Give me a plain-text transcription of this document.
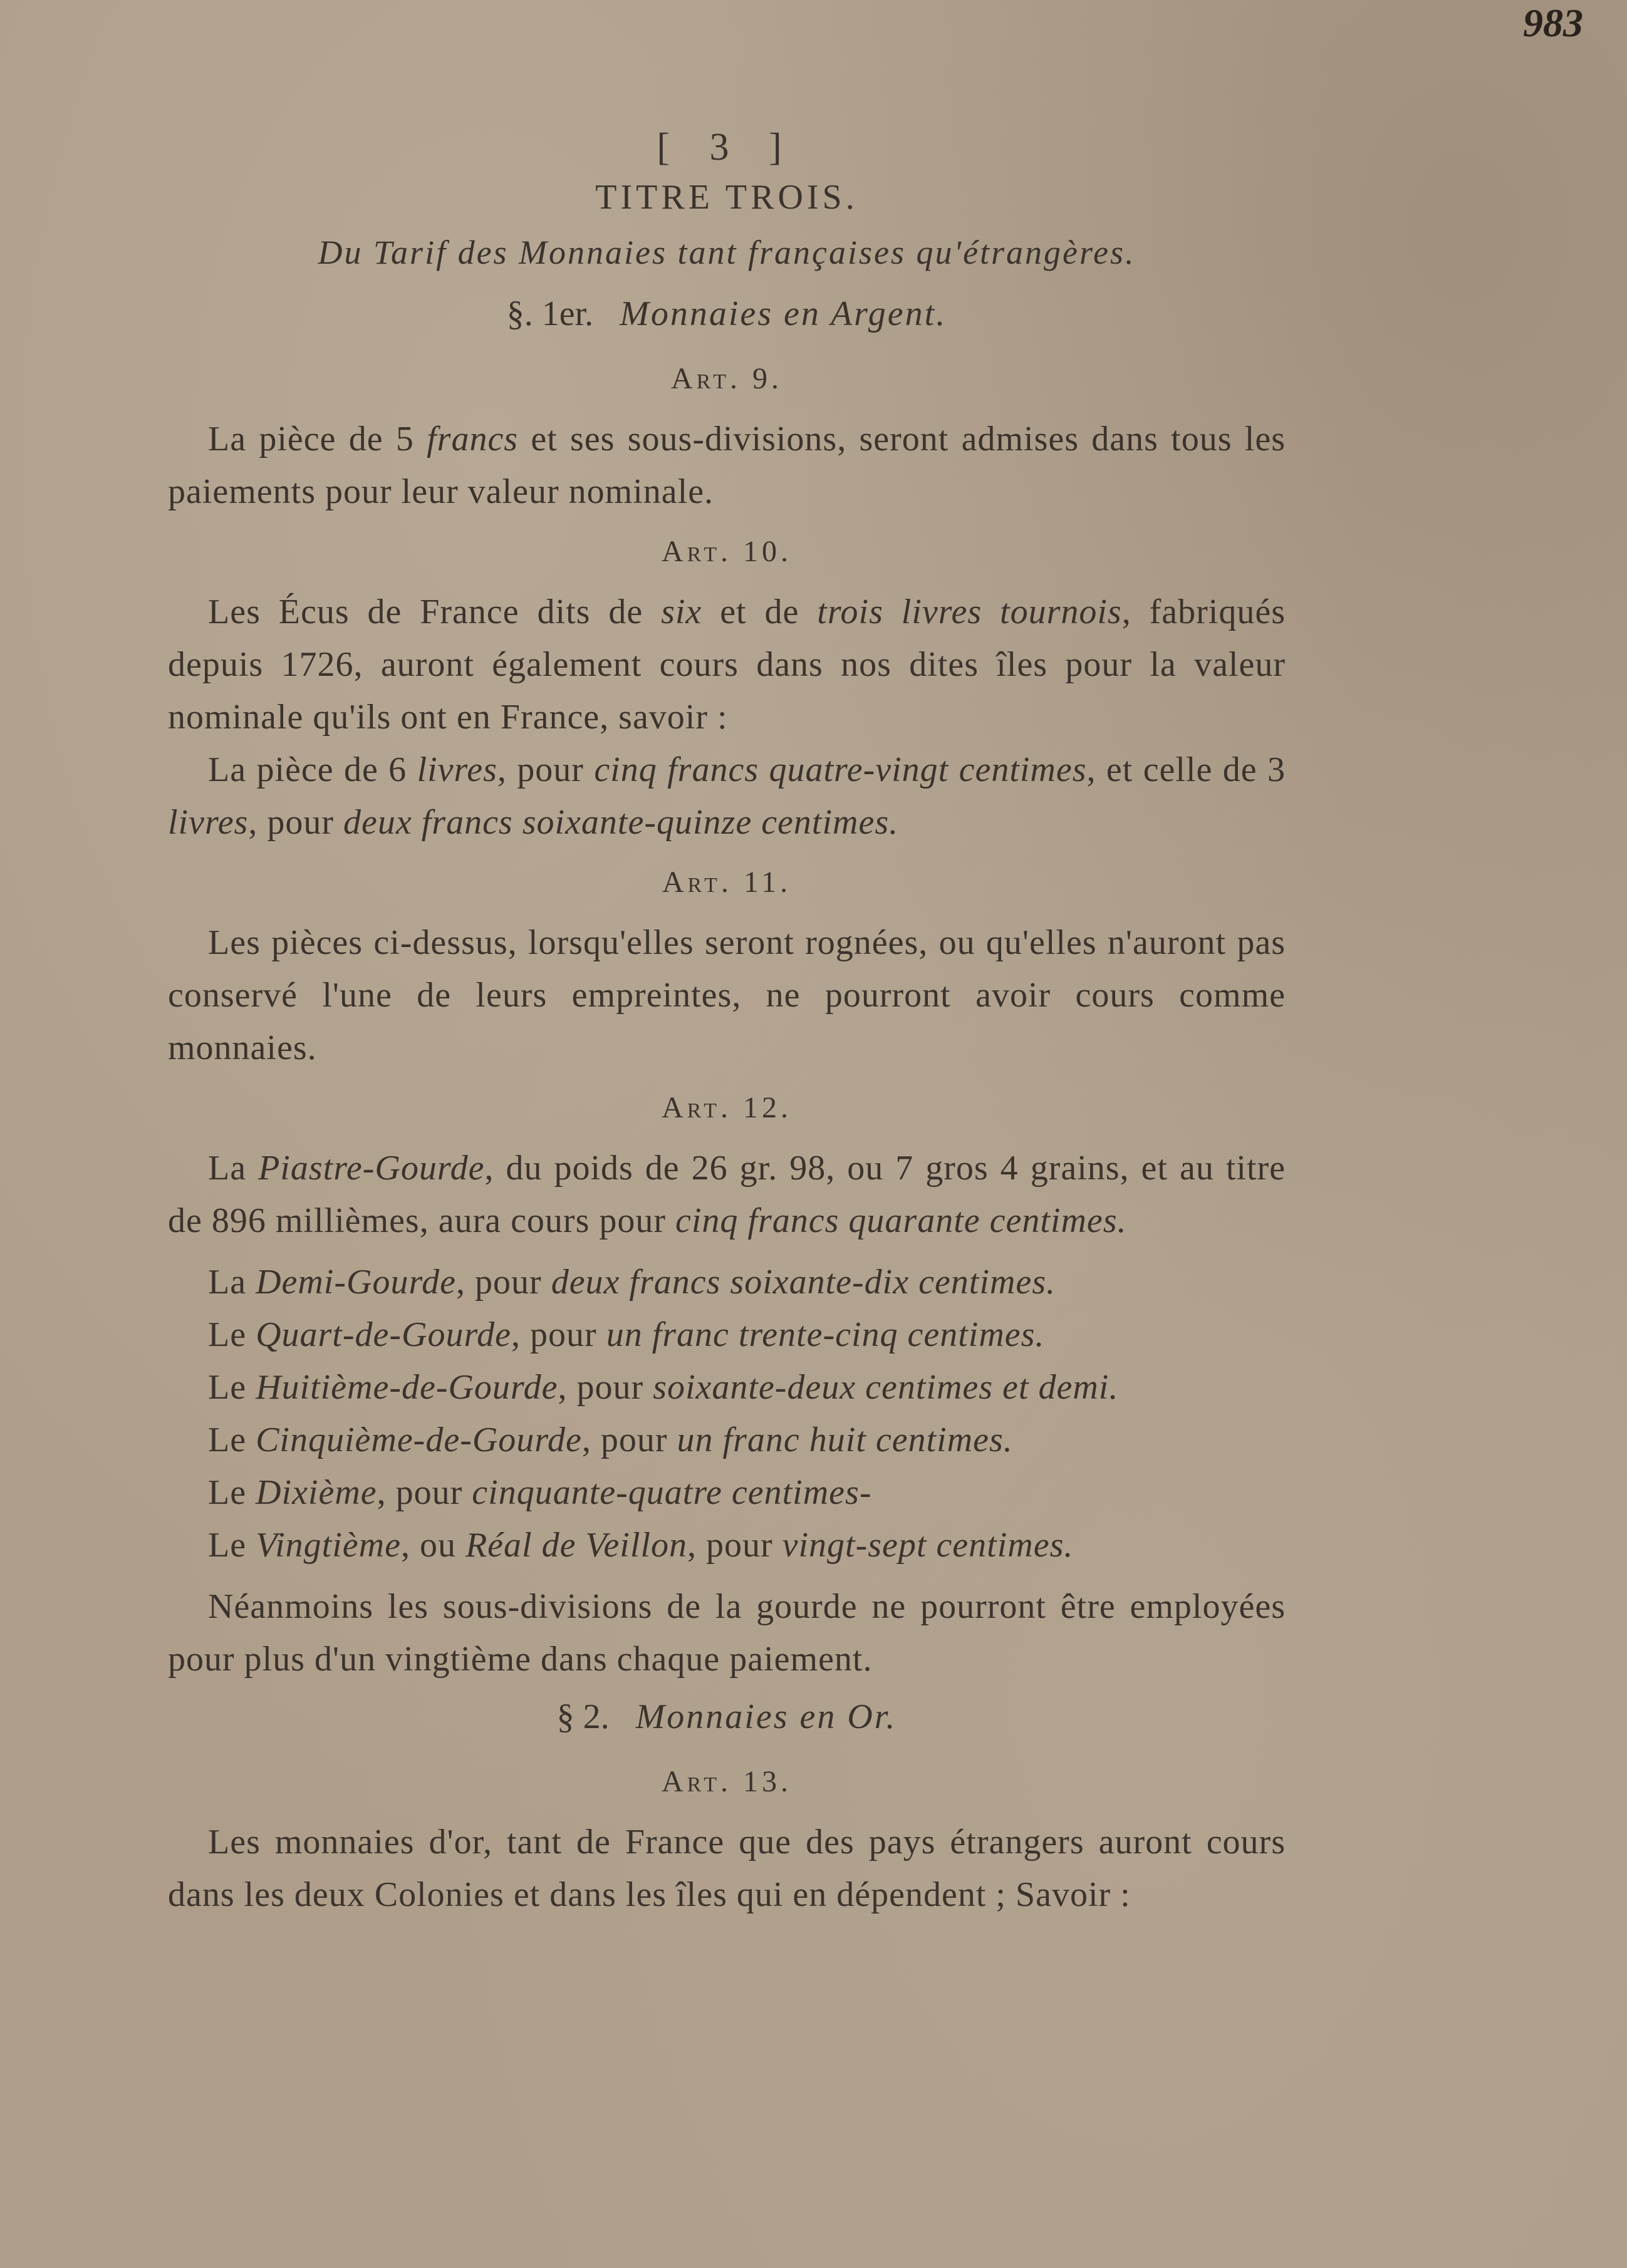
983
[ 3 ]
TITRE TROIS.
Du Tarif des Monnaies tant françaises qu'étrangères.
§. 1er. Monnaies en Argent.
Art. 9.

La pièce de 5 francs et ses sous-divisions, seront admises dans tous les paiements pour leur valeur nominale.

Art. 10.

Les Écus de France dits de six et de trois livres tournois, fabriqués depuis 1726, auront également cours dans nos dites îles pour la valeur nominale qu'ils ont en France, savoir :

La pièce de 6 livres, pour cinq francs quatre-vingt centimes, et celle de 3 livres, pour deux francs soixante-quinze centimes.

Art. 11.

Les pièces ci-dessus, lorsqu'elles seront rognées, ou qu'elles n'auront pas conservé l'une de leurs empreintes, ne pourront avoir cours comme monnaies.

Art. 12.

La Piastre-Gourde, du poids de 26 gr. 98, ou 7 gros 4 grains, et au titre de 896 millièmes, aura cours pour cinq francs quarante centimes.

La Demi-Gourde, pour deux francs soixante-dix centimes.
Le Quart-de-Gourde, pour un franc trente-cinq centimes.
Le Huitième-de-Gourde, pour soixante-deux centimes et demi.
Le Cinquième-de-Gourde, pour un franc huit centimes.
Le Dixième, pour cinquante-quatre centimes-
Le Vingtième, ou Réal de Veillon, pour vingt-sept centimes.

Néanmoins les sous-divisions de la gourde ne pourront être employées pour plus d'un vingtième dans chaque paiement.

§ 2. Monnaies en Or.
Art. 13.

Les monnaies d'or, tant de France que des pays étrangers auront cours dans les deux Colonies et dans les îles qui en dépendent ; Savoir :
